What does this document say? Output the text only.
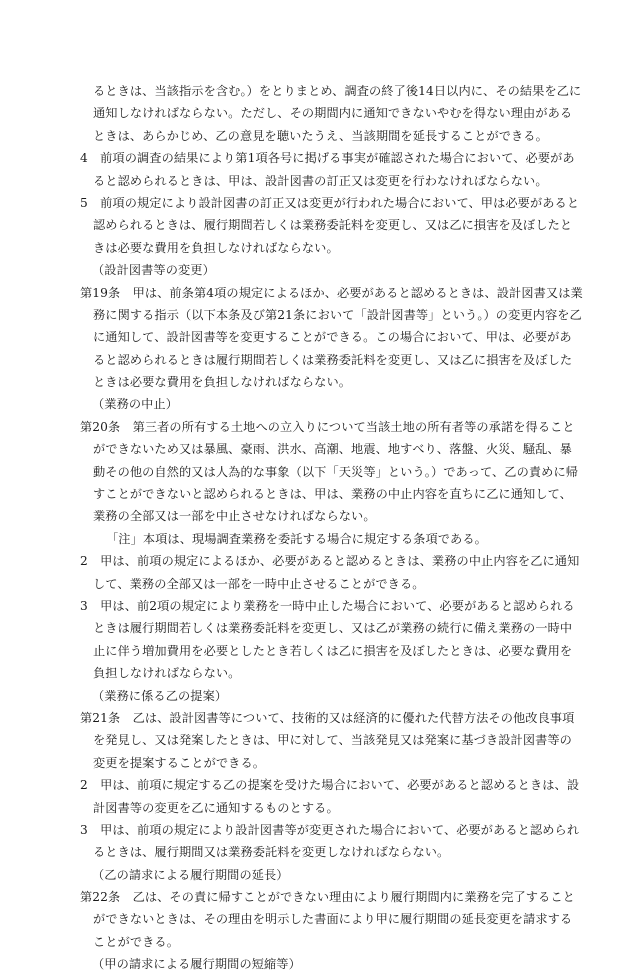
るときは、当該指示を含む。）をとりまとめ、調査の終了後14日以内に、その結果を乙に
通知しなければならない。ただし、その期間内に通知できないやむを得ない理由がある
ときは、あらかじめ、乙の意見を聴いたうえ、当該期間を延長することができる。
4　前項の調査の結果により第1項各号に掲げる事実が確認された場合において、必要があ
ると認められるときは、甲は、設計図書の訂正又は変更を行わなければならない。
5　前項の規定により設計図書の訂正又は変更が行われた場合において、甲は必要があると
認められるときは、履行期間若しくは業務委託料を変更し、又は乙に損害を及ぼしたと
きは必要な費用を負担しなければならない。
（設計図書等の変更）
第19条　甲は、前条第4項の規定によるほか、必要があると認めるときは、設計図書又は業
務に関する指示（以下本条及び第21条において「設計図書等」という。）の変更内容を乙
に通知して、設計図書等を変更することができる。この場合において、甲は、必要があ
ると認められるときは履行期間若しくは業務委託料を変更し、又は乙に損害を及ぼした
ときは必要な費用を負担しなければならない。
（業務の中止）
第20条　第三者の所有する土地への立入りについて当該土地の所有者等の承諾を得ること
ができないため又は暴風、豪雨、洪水、高潮、地震、地すべり、落盤、火災、騒乱、暴
動その他の自然的又は人為的な事象（以下「天災等」という。）であって、乙の責めに帰
すことができないと認められるときは、甲は、業務の中止内容を直ちに乙に通知して、
業務の全部又は一部を中止させなければならない。
「注」本項は、現場調査業務を委託する場合に規定する条項である。
2　甲は、前項の規定によるほか、必要があると認めるときは、業務の中止内容を乙に通知
して、業務の全部又は一部を一時中止させることができる。
3　甲は、前2項の規定により業務を一時中止した場合において、必要があると認められる
ときは履行期間若しくは業務委託料を変更し、又は乙が業務の続行に備え業務の一時中
止に伴う増加費用を必要としたとき若しくは乙に損害を及ぼしたときは、必要な費用を
負担しなければならない。
（業務に係る乙の提案）
第21条　乙は、設計図書等について、技術的又は経済的に優れた代替方法その他改良事項
を発見し、又は発案したときは、甲に対して、当該発見又は発案に基づき設計図書等の
変更を提案することができる。
2　甲は、前項に規定する乙の提案を受けた場合において、必要があると認めるときは、設
計図書等の変更を乙に通知するものとする。
3　甲は、前項の規定により設計図書等が変更された場合において、必要があると認められ
るときは、履行期間又は業務委託料を変更しなければならない。
（乙の請求による履行期間の延長）
第22条　乙は、その責に帰すことができない理由により履行期間内に業務を完了すること
ができないときは、その理由を明示した書面により甲に履行期間の延長変更を請求する
ことができる。
（甲の請求による履行期間の短縮等）
